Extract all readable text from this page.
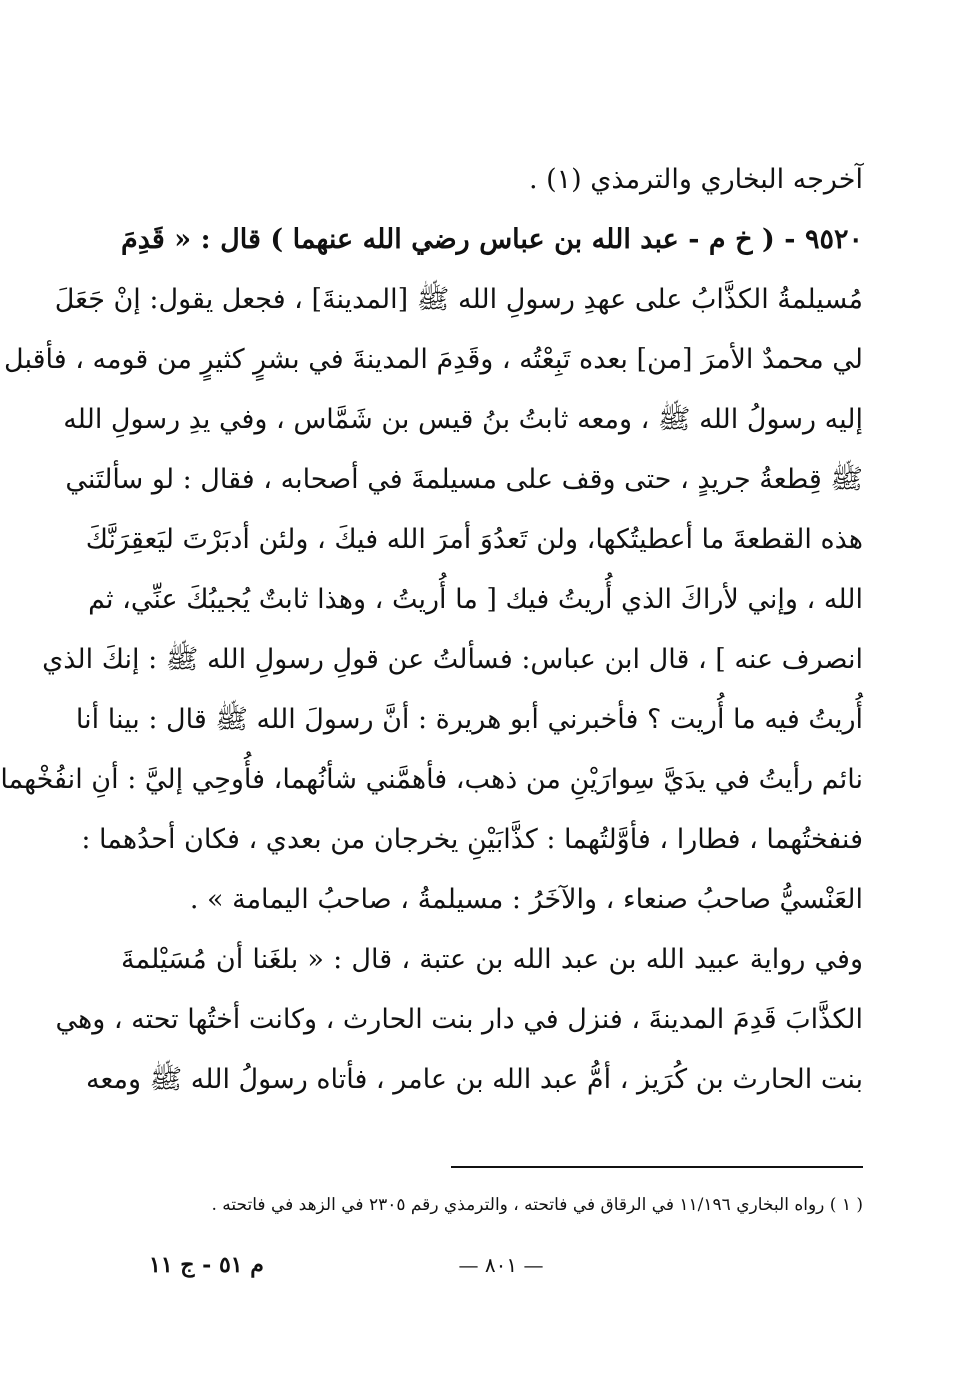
آخرجه البخاري والترمذي (١) .
٩٥٢٠ - ( خ م - عبد الله بن عباس رضي الله عنهما ) قال : « قَدِمَ
مُسيلمةُ الكذَّابُ على عهدِ رسولِ الله ﷺ [المدينةَ] ، فجعل يقول: إنْ جَعَلَ
لي محمدٌ الأمرَ [من] بعده تَبِعْتُه ، وقَدِمَ المدينةَ في بشرٍ كثيرٍ من قومه ، فأقبل
إليه رسولُ الله ﷺ ، ومعه ثابتُ بنُ قيس بن شَمَّاس ، وفي يدِ رسولِ الله
ﷺ قِطعةُ جريدٍ ، حتى وقف على مسيلمةَ في أصحابه ، فقال : لو سألتَني
هذه القطعةَ ما أعطيتُكها، ولن تَعدُوَ أمرَ الله فيكَ ، ولئن أدبَرْتَ ليَعقِرَنَّكَ
الله ، وإني لأراكَ الذي أُريتُ فيك [ ما أُريتُ ، وهذا ثابتٌ يُجيبُكَ عنِّي، ثم
انصرف عنه ] ، قال ابن عباس: فسألتُ عن قولِ رسولِ الله ﷺ : إنكَ الذي
أُريتُ فيه ما أُريت ؟ فأخبرني أبو هريرة : أنَّ رسولَ الله ﷺ قال : بينا أنا
نائم رأيتُ في يدَيَّ سِوارَيْنِ من ذهب، فأهمَّني شأنُهما، فأُوحِي إليَّ : أنِ انفُخْهما
فنفختُهما ، فطارا ، فأوَّلتُهما : كذَّابَيْنِ يخرجان من بعدي ، فكان أحدُهما :
العَنْسيُّ صاحبُ صنعاء ، والآخَرُ : مسيلمةُ ، صاحبُ اليمامة » .
وفي رواية عبيد الله بن عبد الله بن عتبة ، قال : « بلغَنا أن مُسَيْلمةَ
الكذَّابَ قَدِمَ المدينةَ ، فنزل في دار بنت الحارث ، وكانت أختُها تحته ، وهي
بنت الحارث بن كُرَيز ، أمُّ عبد الله بن عامر ، فأتاه رسولُ الله ﷺ ومعه
( ١ ) رواه البخاري ١١/١٩٦ في الرقاق في فاتحته ، والترمذي رقم ٢٣٠٥ في الزهد في فاتحته .
— ٨٠١ —
م ٥١ - ج ١١
